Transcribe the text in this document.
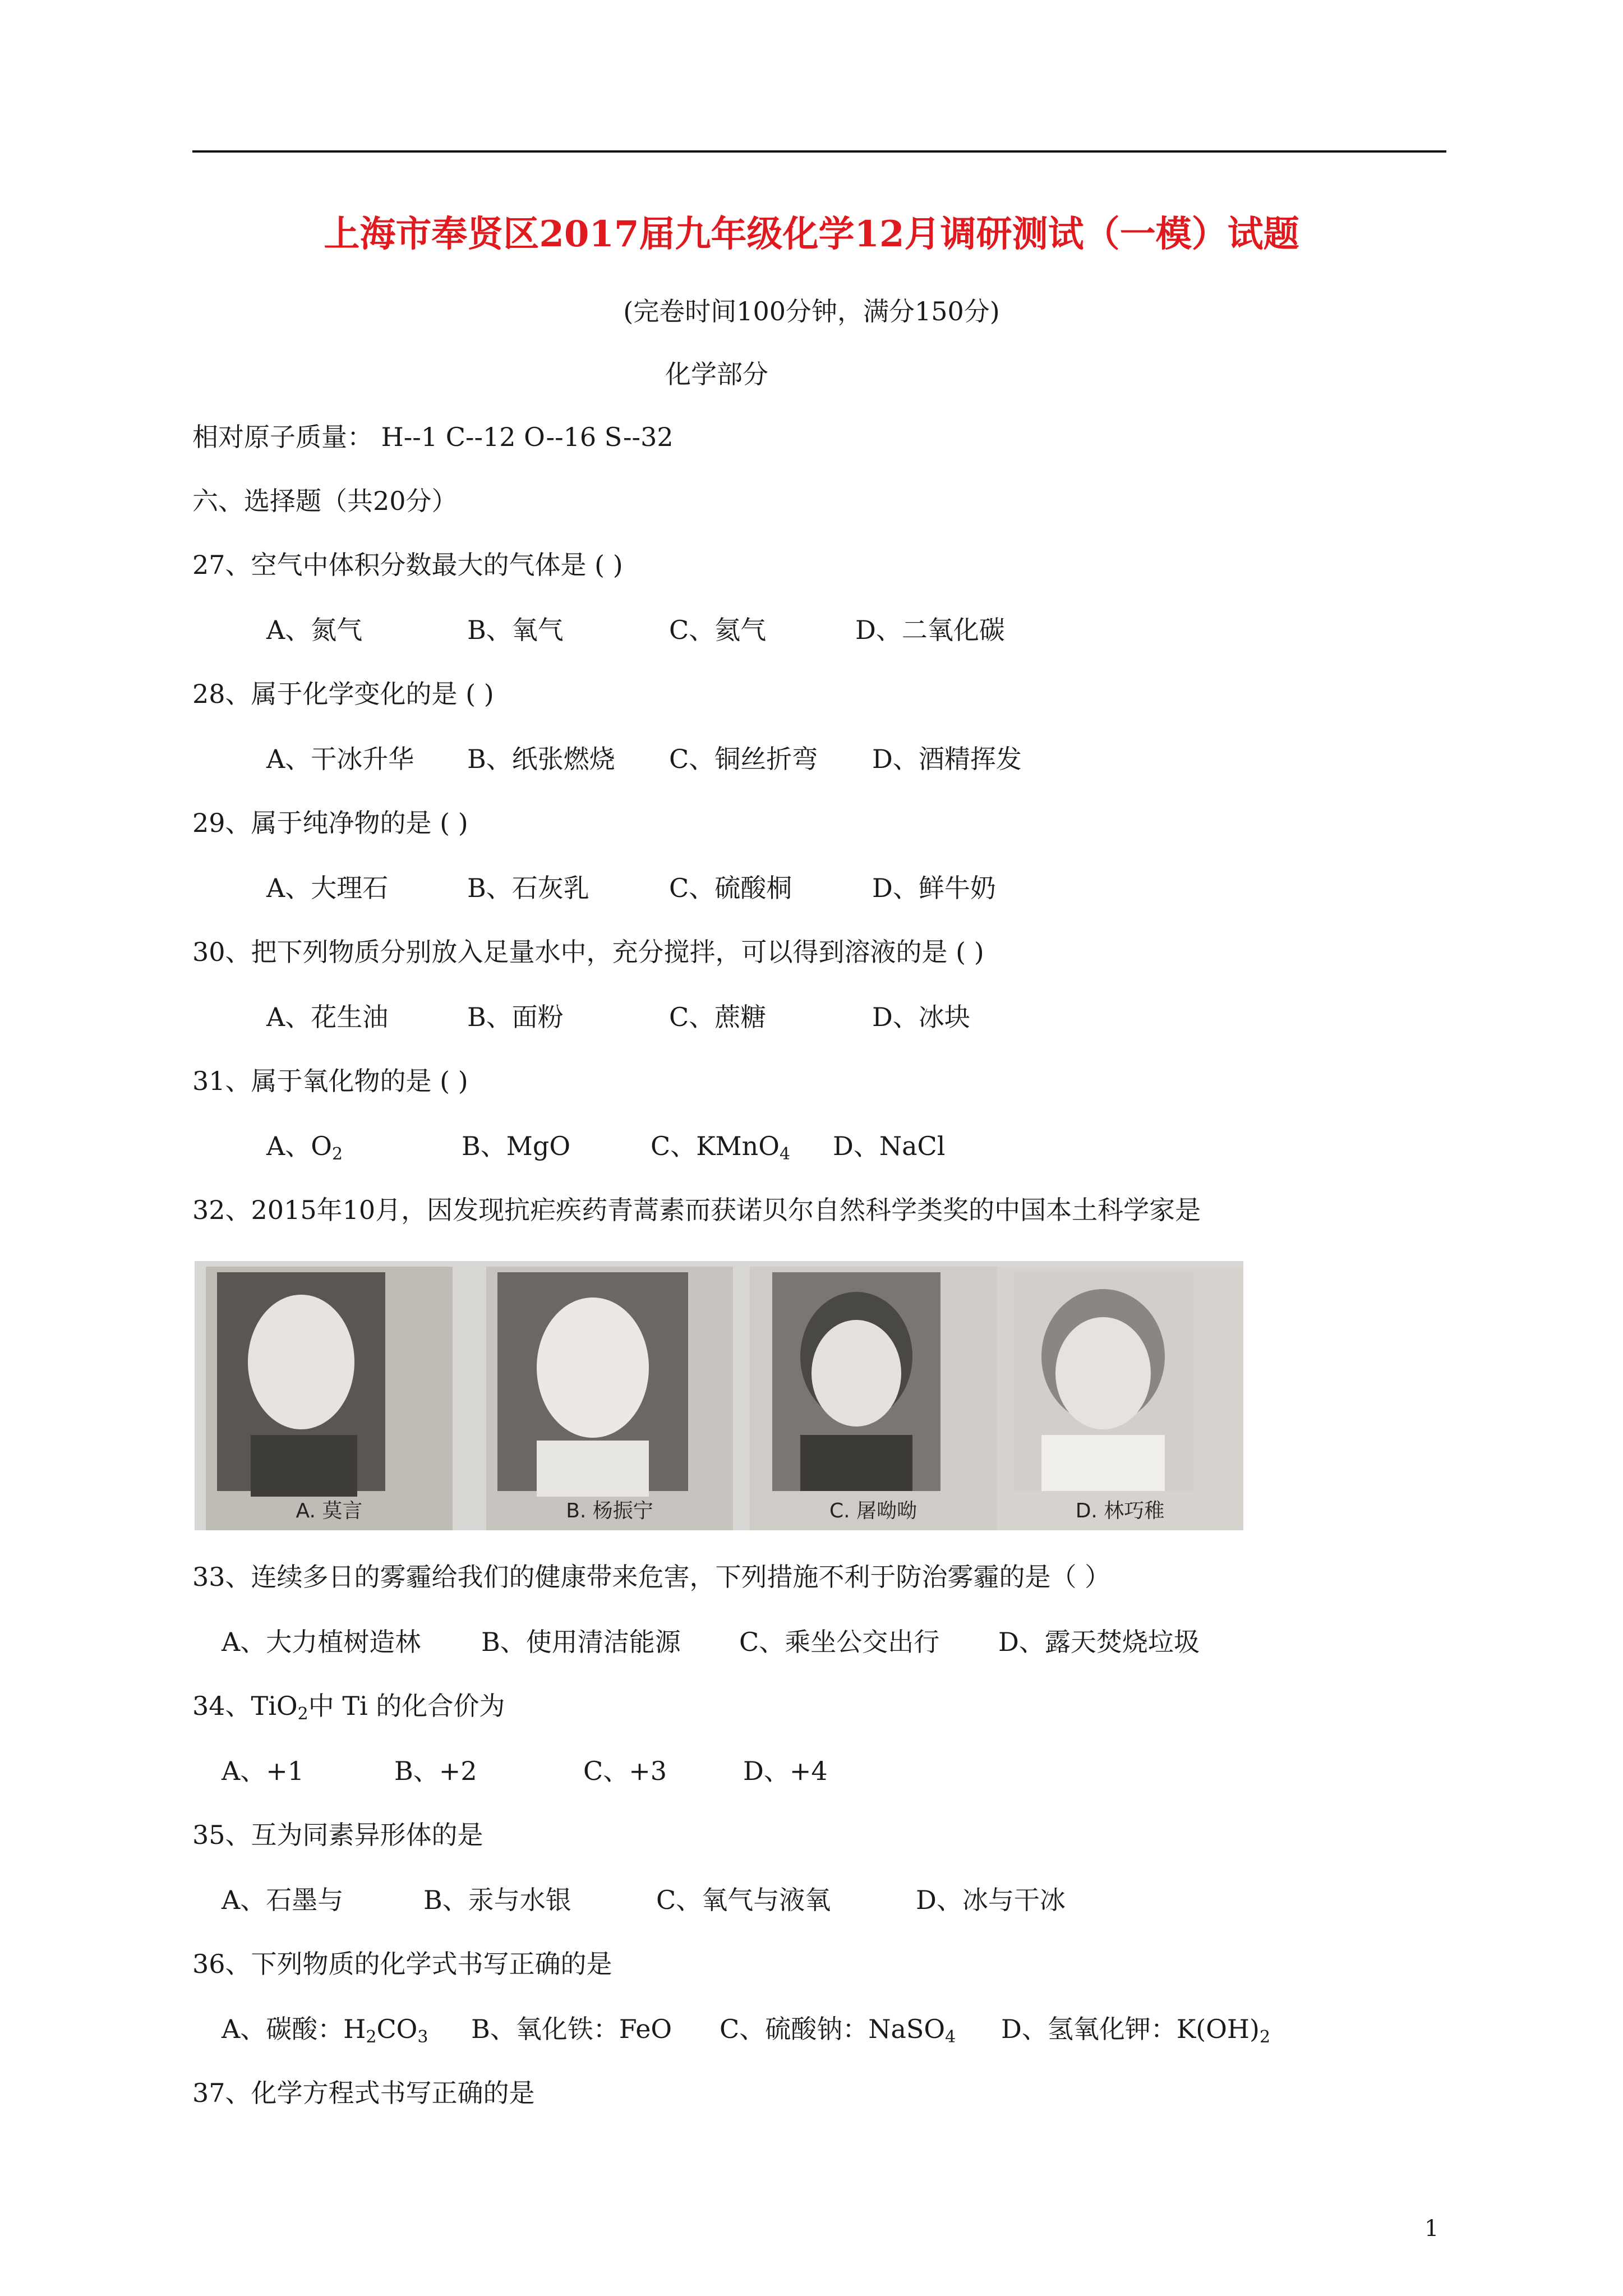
上海市奉贤区2017届九年级化学12月调研测试（一模）试题
(完卷时间100分钟，满分150分)
化学部分
相对原子质量： H--1 C--12 O--16 S--32
六、选择题（共20分）
27、空气中体积分数最大的气体是 ( )
A、氮气	B、氧气	C、氦气	D、二氧化碳
28、属于化学变化的是 ( )
A、干冰升华 B、纸张燃烧 C、铜丝折弯 D、酒精挥发
29、属于纯净物的是 ( )
A、大理石	B、石灰乳	C、硫酸桐	D、鲜牛奶
30、把下列物质分别放入足量水中，充分搅拌，可以得到溶液的是 ( )
A、花生油	B、面粉	C、蔗糖	D、冰块
31、属于氧化物的是 ( )
A、$O_2$	B、MgO	C、KMnO$_4$ D、NaCl
32、2015年10月，因发现抗疟疾药青蒿素而获诺贝尔自然科学类奖的中国本土科学家是
A. 莫言	B. 杨振宁	C. 屠呦呦	D. 林巧稚
33、连续多日的雾霾给我们的健康带来危害，下列措施不利于防治雾霾的是（ ）
A、大力植树造林 B、使用清洁能源 C、乘坐公交出行 D、露天焚烧垃圾
34、TiO$_2$中 Ti 的化合价为
A、+1	B、+2	C、+3	D、+4
35、互为同素异形体的是
A、石墨与	B、汞与水银	C、氧气与液氧	D、冰与干冰
36、下列物质的化学式书写正确的是
A、碳酸：$H_2CO_3$ B、氧化铁：FeO C、硫酸钠：NaSO$_4$ D、氢氧化钾：$K(OH)_2$
37、化学方程式书写正确的是
1
